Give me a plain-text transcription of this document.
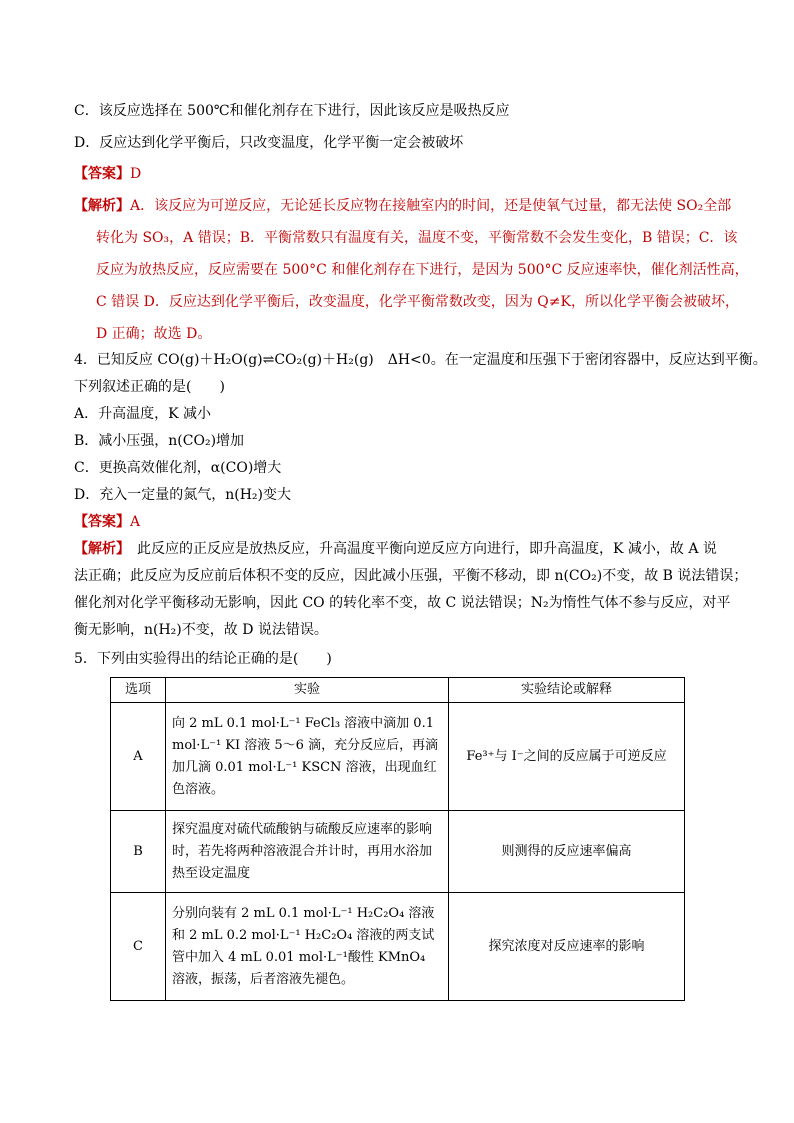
C．该反应选择在 500℃和催化剂存在下进行，因此该反应是吸热反应
D．反应达到化学平衡后，只改变温度，化学平衡一定会被破坏
【答案】D
【解析】A．该反应为可逆反应，无论延长反应物在接触室内的时间，还是使氧气过量，都无法使 SO₂全部
转化为 SO₃，A 错误；B．平衡常数只有温度有关，温度不变，平衡常数不会发生变化，B 错误；C．该
反应为放热反应，反应需要在 500°C 和催化剂存在下进行，是因为 500°C 反应速率快，催化剂活性高，
C 错误 D．反应达到化学平衡后，改变温度，化学平衡常数改变，因为 Q≠K，所以化学平衡会被破坏，
D 正确；故选 D。
4．已知反应 CO(g)＋H₂O(g)⇌CO₂(g)＋H₂(g)　ΔH<0。在一定温度和压强下于密闭容器中，反应达到平衡。
下列叙述正确的是(　　)
A．升高温度，K 减小
B．减小压强，n(CO₂)增加
C．更换高效催化剂，α(CO)增大
D．充入一定量的氮气，n(H₂)变大
【答案】A
【解析】　此反应的正反应是放热反应，升高温度平衡向逆反应方向进行，即升高温度，K 减小，故 A 说
法正确；此反应为反应前后体积不变的反应，因此减小压强，平衡不移动，即 n(CO₂)不变，故 B 说法错误；
催化剂对化学平衡移动无影响，因此 CO 的转化率不变，故 C 说法错误；N₂为惰性气体不参与反应，对平
衡无影响，n(H₂)不变，故 D 说法错误。
5．下列由实验得出的结论正确的是(　　)
选项	实验	实验结论或解释
A	向 2 mL 0.1 mol·L⁻¹ FeCl₃ 溶液中滴加 0.1 mol·L⁻¹ KI 溶液 5～6 滴，充分反应后，再滴加几滴 0.01 mol·L⁻¹ KSCN 溶液，出现血红色溶液。	Fe³⁺与 I⁻之间的反应属于可逆反应
B	探究温度对硫代硫酸钠与硫酸反应速率的影响时，若先将两种溶液混合并计时，再用水浴加热至设定温度	则测得的反应速率偏高
C	分别向装有 2 mL 0.1 mol·L⁻¹ H₂C₂O₄ 溶液和 2 mL 0.2 mol·L⁻¹ H₂C₂O₄ 溶液的两支试管中加入 4 mL 0.01 mol·L⁻¹酸性 KMnO₄ 溶液，振荡，后者溶液先褪色。	探究浓度对反应速率的影响
